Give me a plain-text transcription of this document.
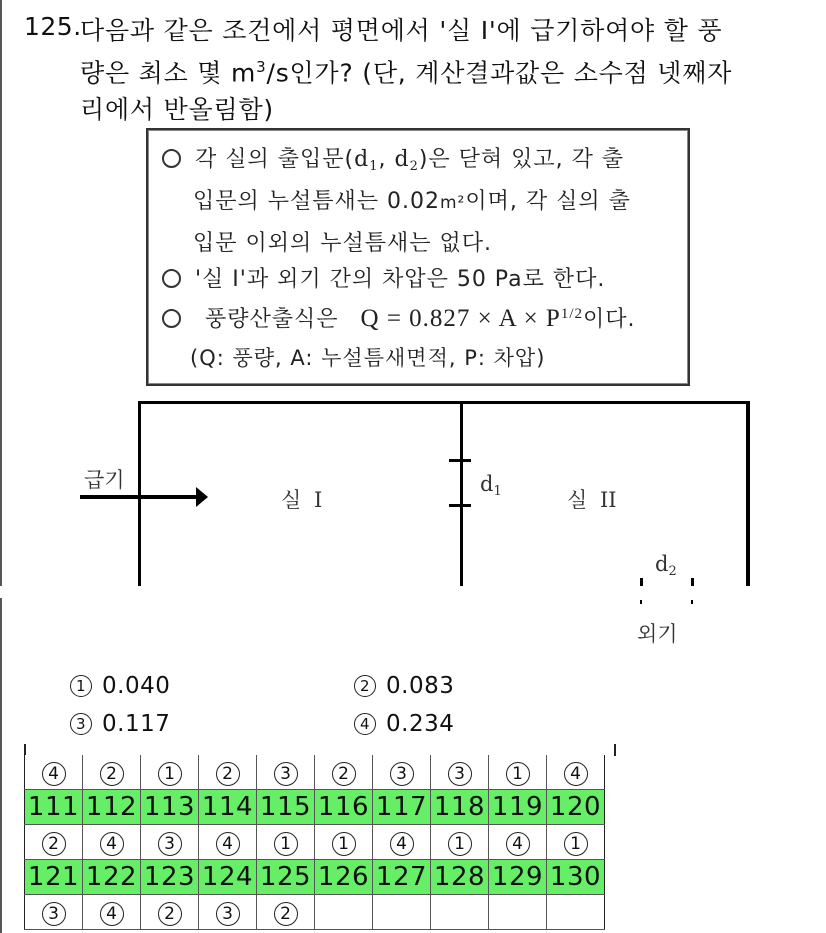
125.
다음과 같은 조건에서 평면에서 '실 I'에 급기하여야 할 풍
량은 최소 몇 $m^3/s$인가? (단, 계산결과값은 소수점 넷째자
리에서 반올림함)
각 실의 출입문($d_1$, $d_2$)은 닫혀 있고, 각 출
입문의 누설틈새는 0.02m²이며, 각 실의 출
입문 이외의 누설틈새는 없다.
'실 I'과 외기 간의 차압은 50 Pa로 한다.
풍량산출식은 $Q = 0.827 \times A \times P^{1/2}$이다.
(Q: 풍량, A: 누설틈새면적, P: 차압)
급기
실 I
$d_1$	실 II
$d_2$
외기
1 0.040	2 0.083
3 0.117	4 0.234
4	2	1	2	3	2	3	3	1	4
111	112	113	114	115	116	117	118	119	120
2	4	3	4	1	1	4	1	4	1
121	122	123	124	125	126	127	128	129	130
3	4	2	3	2					
